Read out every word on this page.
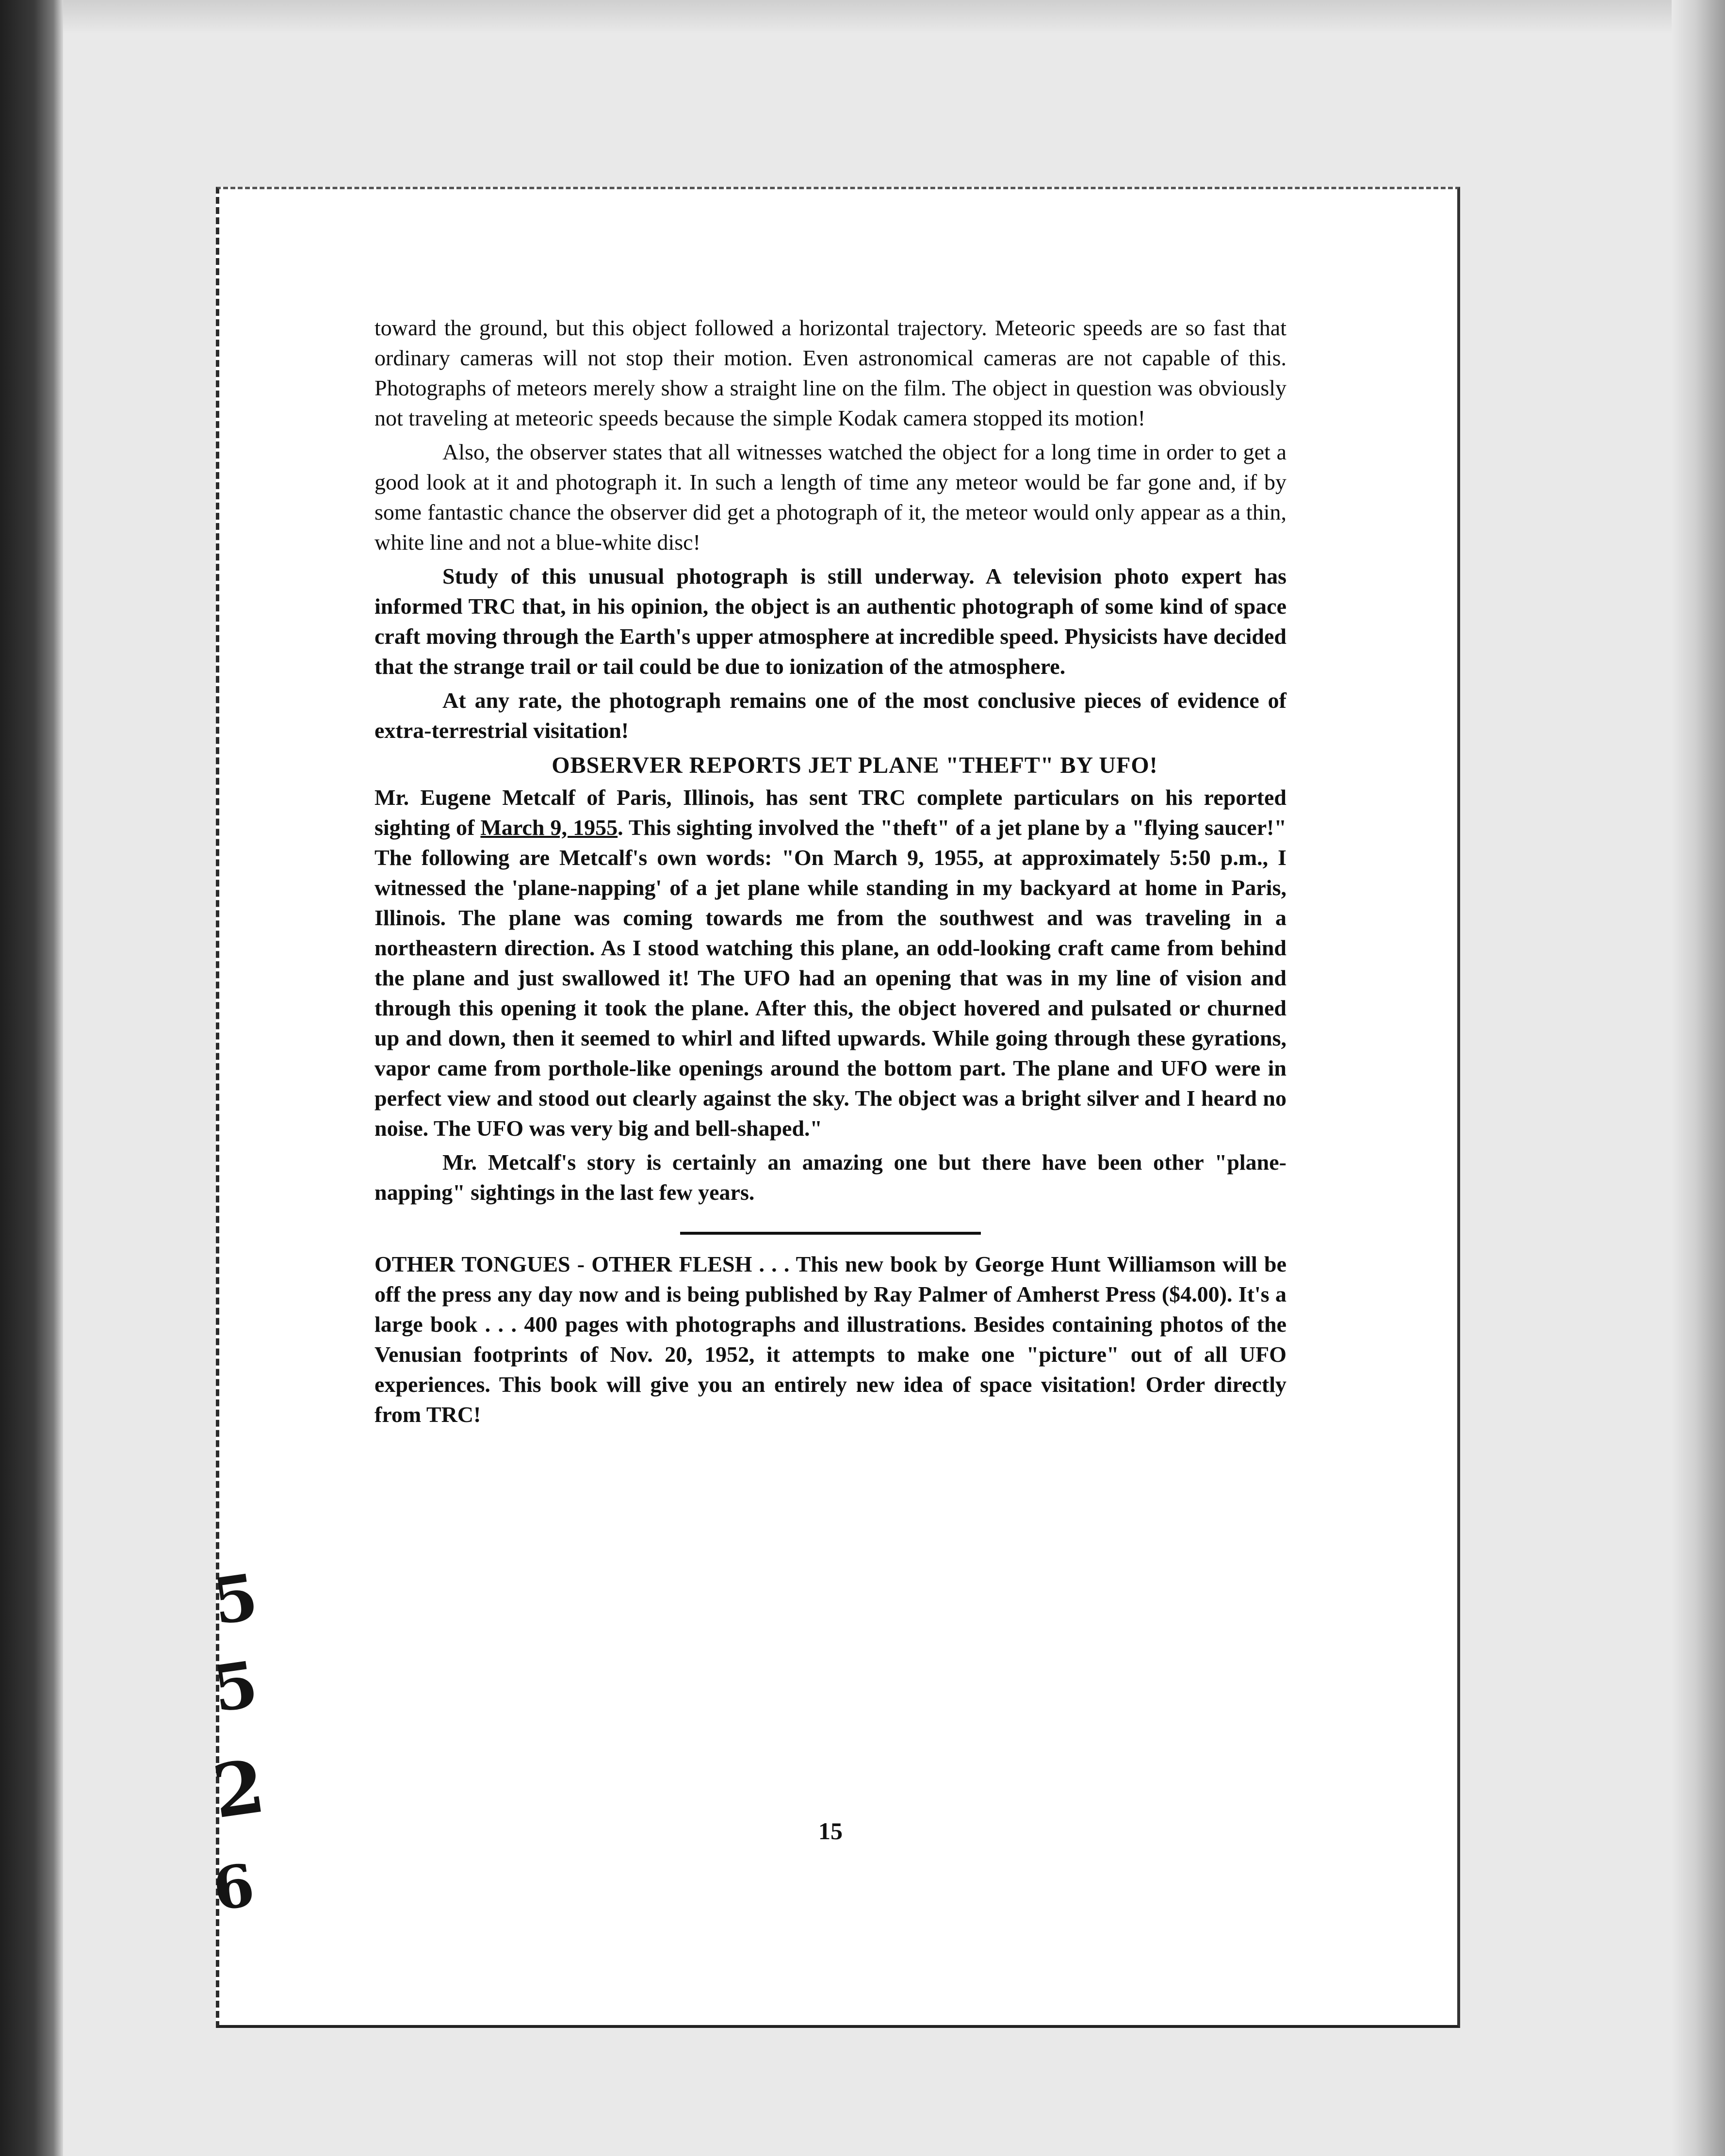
toward the ground, but this object followed a horizontal trajectory. Meteoric speeds are so fast that ordinary cameras will not stop their motion. Even astronomical cameras are not capable of this. Photographs of meteors merely show a straight line on the film. The object in question was obviously not traveling at meteoric speeds because the simple Kodak camera stopped its motion!

Also, the observer states that all witnesses watched the object for a long time in order to get a good look at it and photograph it. In such a length of time any meteor would be far gone and, if by some fantastic chance the observer did get a photograph of it, the meteor would only appear as a thin, white line and not a blue-white disc!

Study of this unusual photograph is still underway. A television photo expert has informed TRC that, in his opinion, the object is an authentic photograph of some kind of space craft moving through the Earth's upper atmosphere at incredible speed. Physicists have decided that the strange trail or tail could be due to ionization of the atmosphere.

At any rate, the photograph remains one of the most conclusive pieces of evidence of extra-terrestrial visitation!

OBSERVER REPORTS JET PLANE "THEFT" BY UFO!

Mr. Eugene Metcalf of Paris, Illinois, has sent TRC complete particulars on his reported sighting of March 9, 1955. This sighting involved the "theft" of a jet plane by a "flying saucer!" The following are Metcalf's own words: "On March 9, 1955, at approximately 5:50 p.m., I witnessed the 'plane-napping' of a jet plane while standing in my backyard at home in Paris, Illinois. The plane was coming towards me from the southwest and was traveling in a northeastern direction. As I stood watching this plane, an odd-looking craft came from behind the plane and just swallowed it! The UFO had an opening that was in my line of vision and through this opening it took the plane. After this, the object hovered and pulsated or churned up and down, then it seemed to whirl and lifted upwards. While going through these gyrations, vapor came from porthole-like openings around the bottom part. The plane and UFO were in perfect view and stood out clearly against the sky. The object was a bright silver and I heard no noise. The UFO was very big and bell-shaped."

Mr. Metcalf's story is certainly an amazing one but there have been other "plane-napping" sightings in the last few years.

OTHER TONGUES - OTHER FLESH . . . This new book by George Hunt Williamson will be off the press any day now and is being published by Ray Palmer of Amherst Press ($4.00). It's a large book . . . 400 pages with photographs and illustrations. Besides containing photos of the Venusian footprints of Nov. 20, 1952, it attempts to make one "picture" out of all UFO experiences. This book will give you an entirely new idea of space visitation! Order directly from TRC!

15
5
5
2
6
